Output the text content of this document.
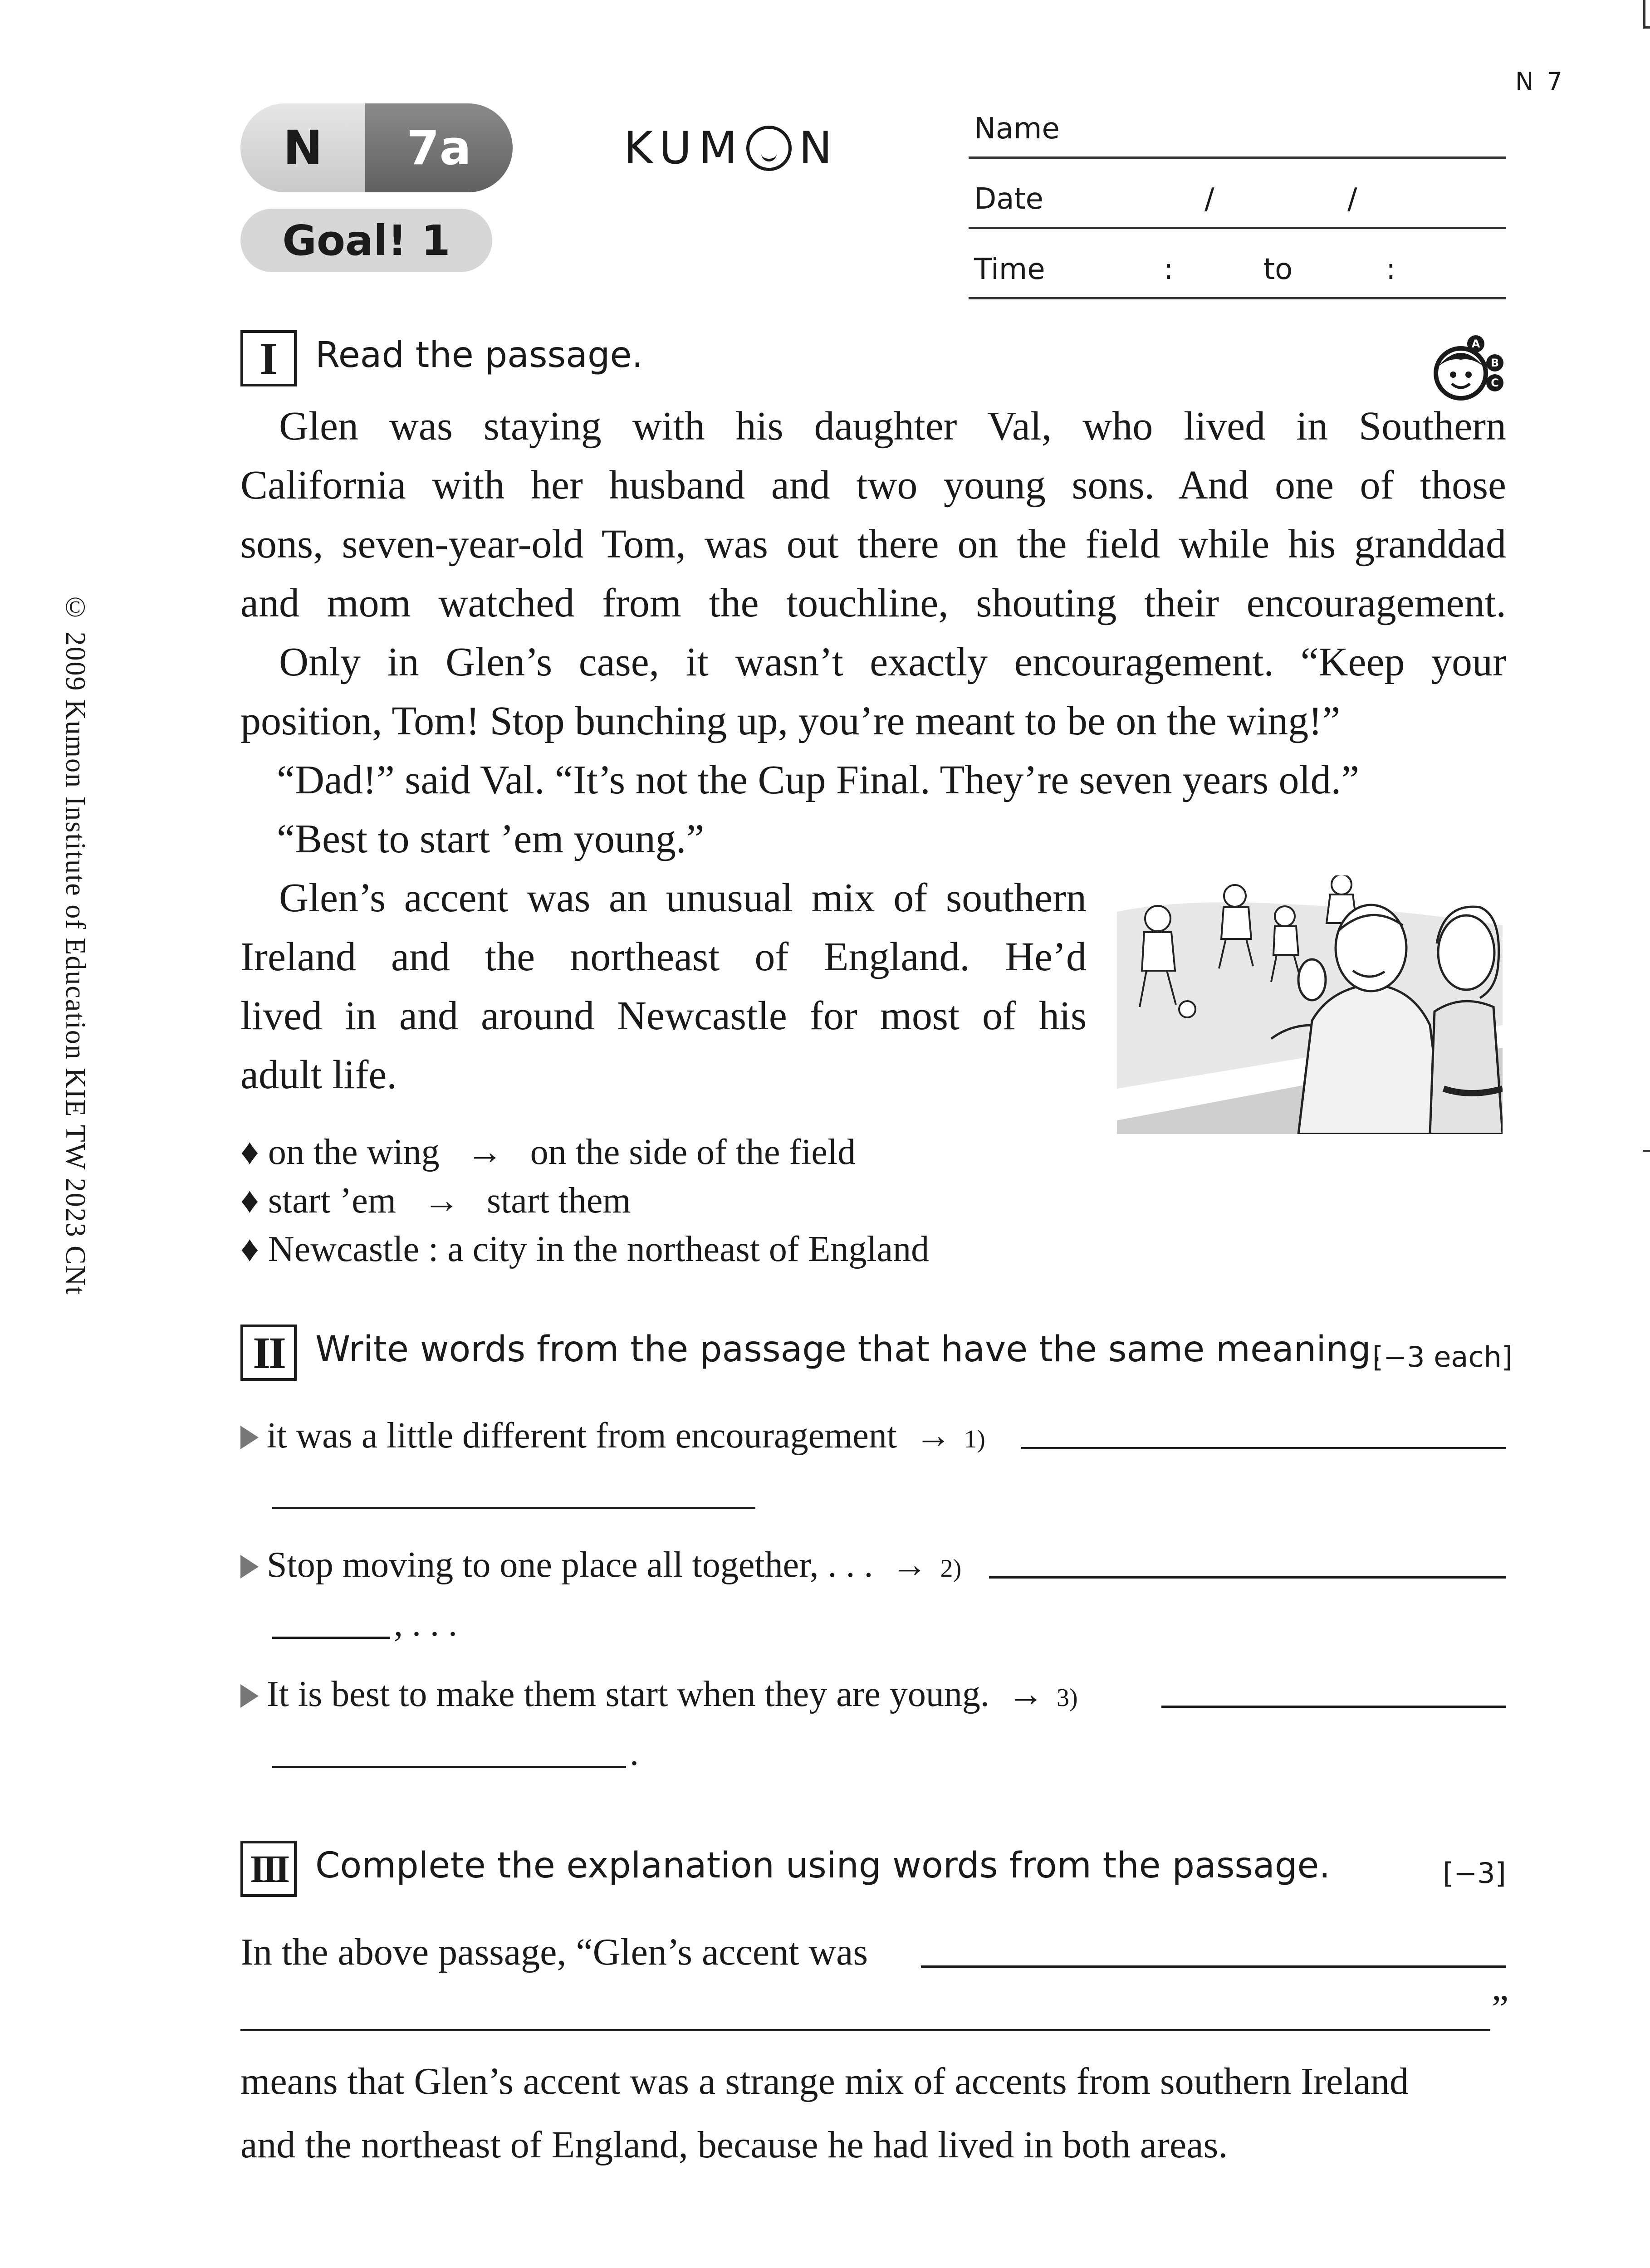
N 7
© 2009 Kumon Institute of Education KIE TW 2023 CNt
N	7a
Goal! 1
KUM N	Name
Date	/	/
Time	:	to	:
I	Read the passage.	A
B
C
Glen was staying with his daughter Val, who lived in Southern
California with her husband and two young sons. And one of those
sons, seven-year-old Tom, was out there on the field while his granddad
and mom watched from the touchline, shouting their encouragement.
Only in Glen’s case, it wasn’t exactly encouragement. “Keep your
position, Tom! Stop bunching up, you’re meant to be on the wing!”
“Dad!” said Val. “It’s not the Cup Final. They’re seven years old.”
“Best to start ’em young.”
Glen’s accent was an unusual mix of southern
Ireland and the northeast of England. He’d
lived in and around Newcastle for most of his
adult life.
♦ on the wing → on the side of the field
♦ start ’em → start them
♦ Newcastle : a city in the northeast of England
II Write words from the passage that have the same meaning.
[−3 each]
it was a little different from encouragement → 1)
Stop moving to one place all together, . . . → 2)
, . . .
It is best to make them start when they are young. → 3)
.
III Complete the explanation using words from the passage.	[−3]
In the above passage, “Glen’s accent was
”
means that Glen’s accent was a strange mix of accents from southern Ireland
and the northeast of England, because he had lived in both areas.
